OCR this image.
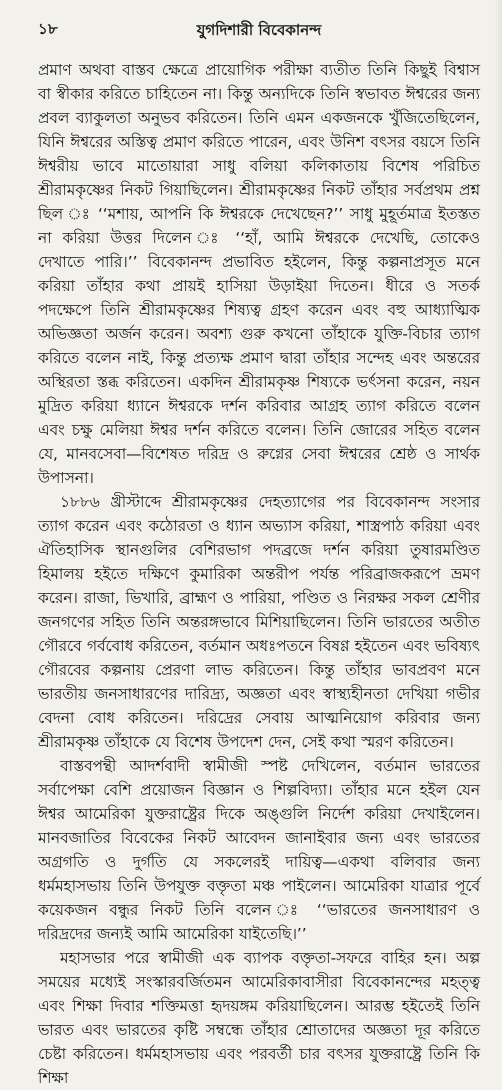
১৮	যুগদিশারী বিবেকানন্দ

প্রমাণ অথবা বাস্তব ক্ষেত্রে প্রায়োগিক পরীক্ষা ব্যতীত তিনি কিছুই বিশ্বাস বা স্বীকার করিতে চাহিতেন না। কিন্তু অন্যদিকে তিনি স্বভাবত ঈশ্বরের জন্য প্রবল ব্যাকুলতা অনুভব করিতেন। তিনি এমন একজনকে খুঁজিতেছিলেন, যিনি ঈশ্বরের অস্তিত্ব প্রমাণ করিতে পারেন, এবং উনিশ বৎসর বয়সে তিনি ঈশ্বরীয় ভাবে মাতোয়ারা সাধু বলিয়া কলিকাতায় বিশেষ পরিচিত শ্রীরামকৃষ্ণের নিকট গিয়াছিলেন। শ্রীরামকৃষ্ণের নিকট তাঁহার সর্বপ্রথম প্রশ্ন ছিল ঃ ‘‘মশায়, আপনি কি ঈশ্বরকে দেখেছেন?’’ সাধু মুহূর্তমাত্র ইতস্তত না করিয়া উত্তর দিলেন ঃ ‘‘হাঁ, আমি ঈশ্বরকে দেখেছি, তোকেও দেখাতে পারি।’’ বিবেকানন্দ প্রভাবিত হইলেন, কিন্তু কল্পনাপ্রসূত মনে করিয়া তাঁহার কথা প্রায়ই হাসিয়া উড়াইয়া দিতেন। ধীরে ও সতর্ক পদক্ষেপে তিনি শ্রীরামকৃষ্ণের শিষ্যত্ব গ্রহণ করেন এবং বহু আধ্যাত্মিক অভিজ্ঞতা অর্জন করেন। অবশ্য গুরু কখনো তাঁহাকে যুক্তি-বিচার ত্যাগ করিতে বলেন নাই, কিন্তু প্রত্যক্ষ প্রমাণ দ্বারা তাঁহার সন্দেহ এবং অন্তরের অস্থিরতা স্তব্ধ করিতেন। একদিন শ্রীরামকৃষ্ণ শিষ্যকে ভর্ৎসনা করেন, নয়ন মুদ্রিত করিয়া ধ্যানে ঈশ্বরকে দর্শন করিবার আগ্রহ ত্যাগ করিতে বলেন এবং চক্ষু মেলিয়া ঈশ্বর দর্শন করিতে বলেন। তিনি জোরের সহিত বলেন যে, মানবসেবা—বিশেষত দরিদ্র ও রুগ্নের সেবা ঈশ্বরের শ্রেষ্ঠ ও সার্থক উপাসনা।

১৮৮৬ খ্রীস্টাব্দে শ্রীরামকৃষ্ণের দেহত্যাগের পর বিবেকানন্দ সংসার ত্যাগ করেন এবং কঠোরতা ও ধ্যান অভ্যাস করিয়া, শাস্ত্রপাঠ করিয়া এবং ঐতিহাসিক স্থানগুলির বেশিরভাগ পদব্রজে দর্শন করিয়া তুষারমণ্ডিত হিমালয় হইতে দক্ষিণে কুমারিকা অন্তরীপ পর্যন্ত পরিব্রাজকরূপে ভ্রমণ করেন। রাজা, ভিখারি, ব্রাহ্মণ ও পারিয়া, পণ্ডিত ও নিরক্ষর সকল শ্রেণীর জনগণের সহিত তিনি অন্তরঙ্গভাবে মিশিয়াছিলেন। তিনি ভারতের অতীত গৌরবে গর্ববোধ করিতেন, বর্তমান অধঃপতনে বিষণ্ণ হইতেন এবং ভবিষ্যৎ গৌরবের কল্পনায় প্রেরণা লাভ করিতেন। কিন্তু তাঁহার ভাবপ্রবণ মনে ভারতীয় জনসাধারণের দারিদ্র্য, অজ্ঞতা এবং স্বাস্থ্যহীনতা দেখিয়া গভীর বেদনা বোধ করিতেন। দরিদ্রের সেবায় আত্মনিয়োগ করিবার জন্য শ্রীরামকৃষ্ণ তাঁহাকে যে বিশেষ উপদেশ দেন, সেই কথা স্মরণ করিতেন।

বাস্তবপন্থী আদর্শবাদী স্বামীজী স্পষ্ট দেখিলেন, বর্তমান ভারতের সর্বাপেক্ষা বেশি প্রয়োজন বিজ্ঞান ও শিল্পবিদ্যা। তাঁহার মনে হইল যেন ঈশ্বর আমেরিকা যুক্তরাষ্ট্রের দিকে অঙ্গুলি নির্দেশ করিয়া দেখাইলেন। মানবজাতির বিবেকের নিকট আবেদন জানাইবার জন্য এবং ভারতের অগ্রগতি ও দুর্গতি যে সকলেরই দায়িত্ব—একথা বলিবার জন্য ধর্মমহাসভায় তিনি উপযুক্ত বক্তৃতা মঞ্চ পাইলেন। আমেরিকা যাত্রার পূর্বে কয়েকজন বন্ধুর নিকট তিনি বলেন ঃ ‘‘ভারতের জনসাধারণ ও দরিদ্রদের জন্যই আমি আমেরিকা যাইতেছি।’’

মহাসভার পরে স্বামীজী এক ব্যাপক বক্তৃতা-সফরে বাহির হন। অল্প সময়ের মধ্যেই সংস্কারবর্জিতমন আমেরিকাবাসীরা বিবেকানন্দের মহত্ত্ব এবং শিক্ষা দিবার শক্তিমত্তা হৃদয়ঙ্গম করিয়াছিলেন। আরম্ভ হইতেই তিনি ভারত এবং ভারতের কৃষ্টি সম্বন্ধে তাঁহার শ্রোতাদের অজ্ঞতা দূর করিতে চেষ্টা করিতেন। ধর্মমহাসভায় এবং পরবর্তী চার বৎসর যুক্তরাষ্ট্রে তিনি কি শিক্ষা
